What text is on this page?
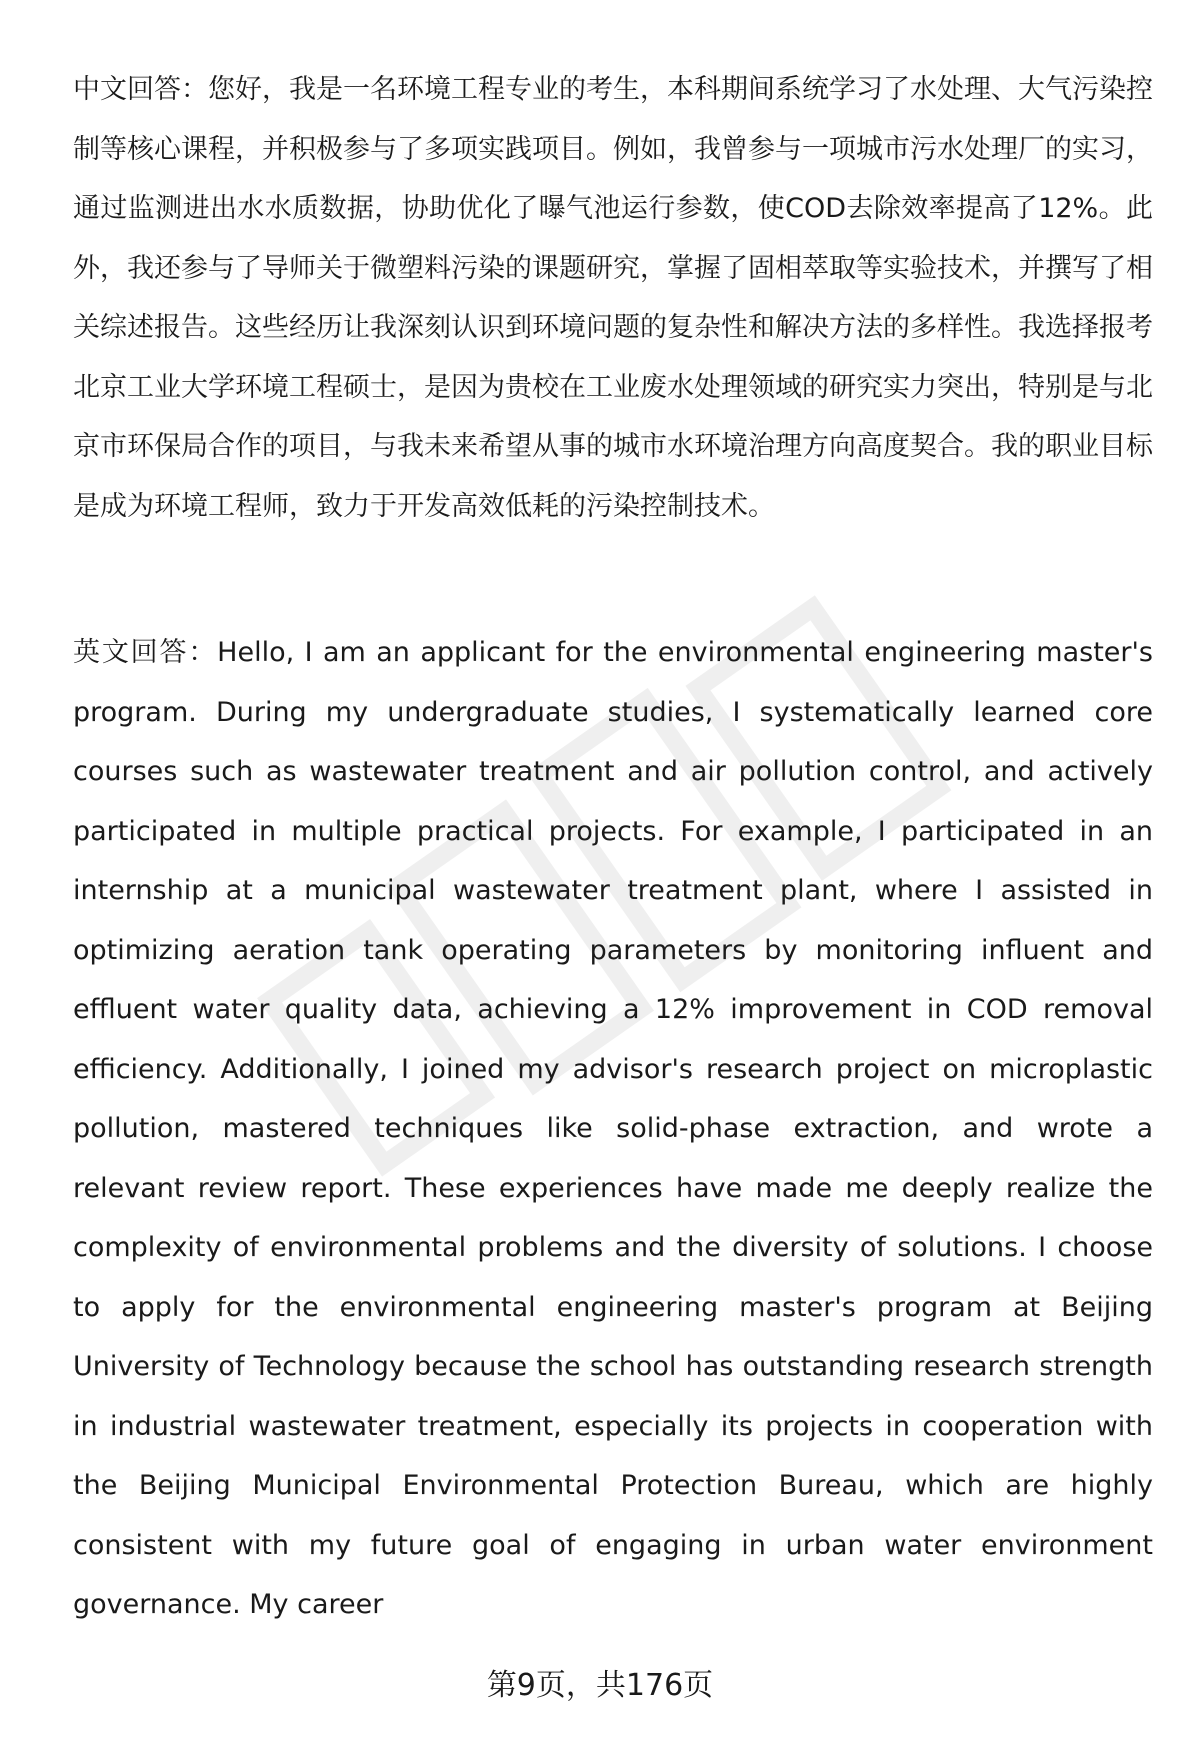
中文回答：您好，我是一名环境工程专业的考生，本科期间系统学习了水处理、大气污染控制等核心课程，并积极参与了多项实践项目。例如，我曾参与一项城市污水处理厂的实习，通过监测进出水水质数据，协助优化了曝气池运行参数，使COD去除效率提高了12%。此外，我还参与了导师关于微塑料污染的课题研究，掌握了固相萃取等实验技术，并撰写了相关综述报告。这些经历让我深刻认识到环境问题的复杂性和解决方法的多样性。我选择报考北京工业大学环境工程硕士，是因为贵校在工业废水处理领域的研究实力突出，特别是与北京市环保局合作的项目，与我未来希望从事的城市水环境治理方向高度契合。我的职业目标是成为环境工程师，致力于开发高效低耗的污染控制技术。

英文回答：Hello, I am an applicant for the environmental engineering master's program. During my undergraduate studies, I systematically learned core courses such as wastewater treatment and air pollution control, and actively participated in multiple practical projects. For example, I participated in an internship at a municipal wastewater treatment plant, where I assisted in optimizing aeration tank operating parameters by monitoring influent and effluent water quality data, achieving a 12% improvement in COD removal efficiency. Additionally, I joined my advisor's research project on microplastic pollution, mastered techniques like solid-phase extraction, and wrote a relevant review report. These experiences have made me deeply realize the complexity of environmental problems and the diversity of solutions. I choose to apply for the environmental engineering master's program at Beijing University of Technology because the school has outstanding research strength in industrial wastewater treatment, especially its projects in cooperation with the Beijing Municipal Environmental Protection Bureau, which are highly consistent with my future goal of engaging in urban water environment governance. My career

第9页，共176页
